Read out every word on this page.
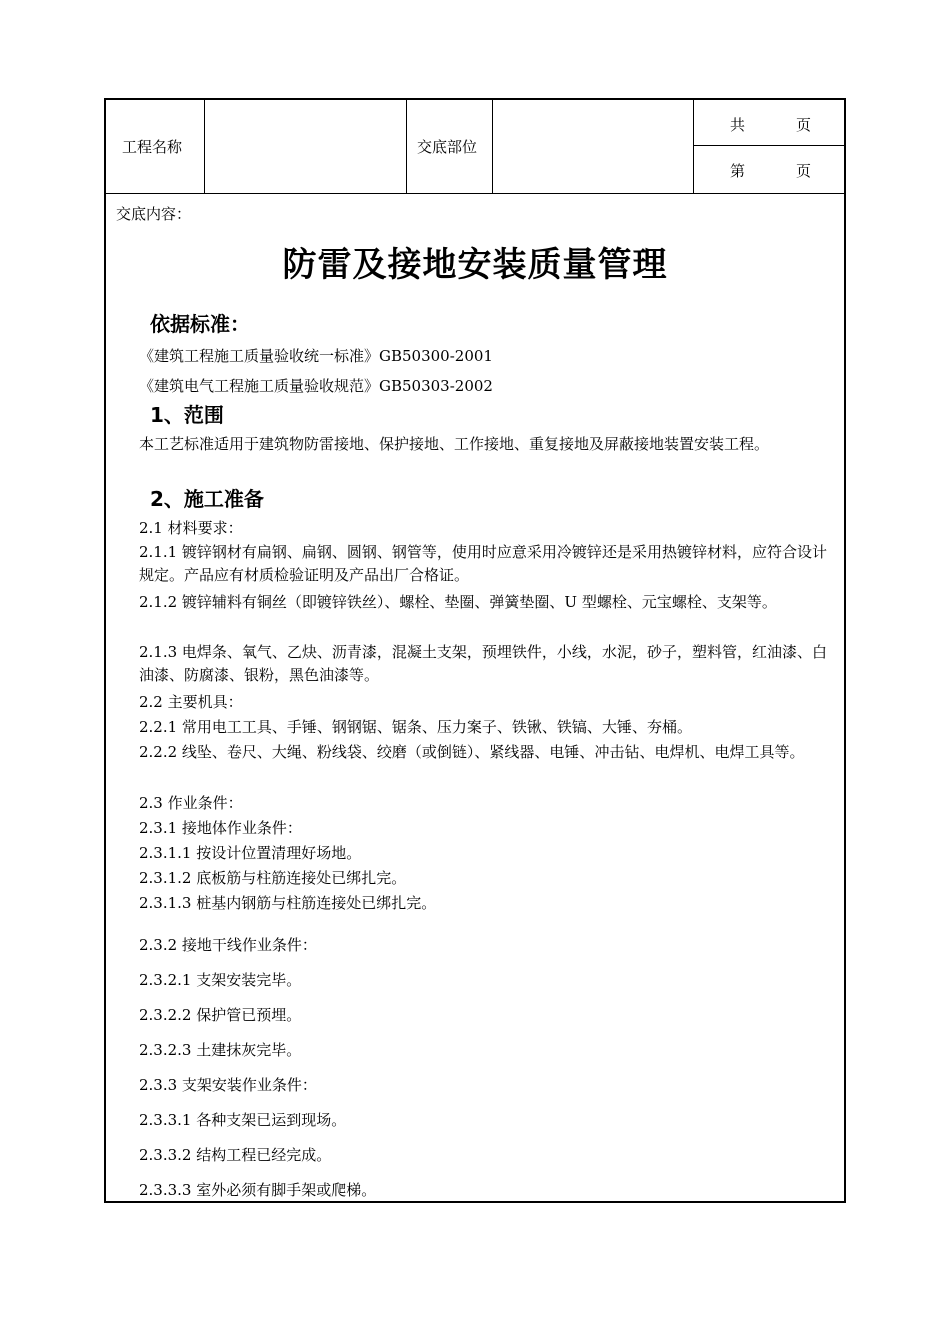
工程名称	交底部位
共	页
第	页
交底内容：
防雷及接地安装质量管理
依据标准：
《建筑工程施工质量验收统一标准》GB50300-2001
《建筑电气工程施工质量验收规范》GB50303-2002
1、范围
本工艺标准适用于建筑物防雷接地、保护接地、工作接地、重复接地及屏蔽接地装置安装工程。
2、施工准备
2.1 材料要求：
2.1.1 镀锌钢材有扁钢、扁钢、圆钢、钢管等，使用时应意采用冷镀锌还是采用热镀锌材料，应符合设计规定。产品应有材质检验证明及产品出厂合格证。
2.1.2 镀锌辅料有铜丝（即镀锌铁丝）、螺栓、垫圈、弹簧垫圈、U 型螺栓、元宝螺栓、支架等。
2.1.3 电焊条、氧气、乙炔、沥青漆，混凝土支架，预埋铁件，小线，水泥，砂子，塑料管，红油漆、白油漆、防腐漆、银粉，黑色油漆等。
2.2 主要机具：
2.2.1 常用电工工具、手锤、钢钢锯、锯条、压力案子、铁锹、铁镐、大锤、夯桶。
2.2.2 线坠、卷尺、大绳、粉线袋、绞磨（或倒链）、紧线器、电锤、冲击钻、电焊机、电焊工具等。
2.3 作业条件：
2.3.1 接地体作业条件：
2.3.1.1 按设计位置清理好场地。
2.3.1.2 底板筋与柱筋连接处已绑扎完。
2.3.1.3 桩基内钢筋与柱筋连接处已绑扎完。
2.3.2 接地干线作业条件：
2.3.2.1 支架安装完毕。
2.3.2.2 保护管已预埋。
2.3.2.3 土建抹灰完毕。
2.3.3 支架安装作业条件：
2.3.3.1 各种支架已运到现场。
2.3.3.2 结构工程已经完成。
2.3.3.3 室外必须有脚手架或爬梯。
